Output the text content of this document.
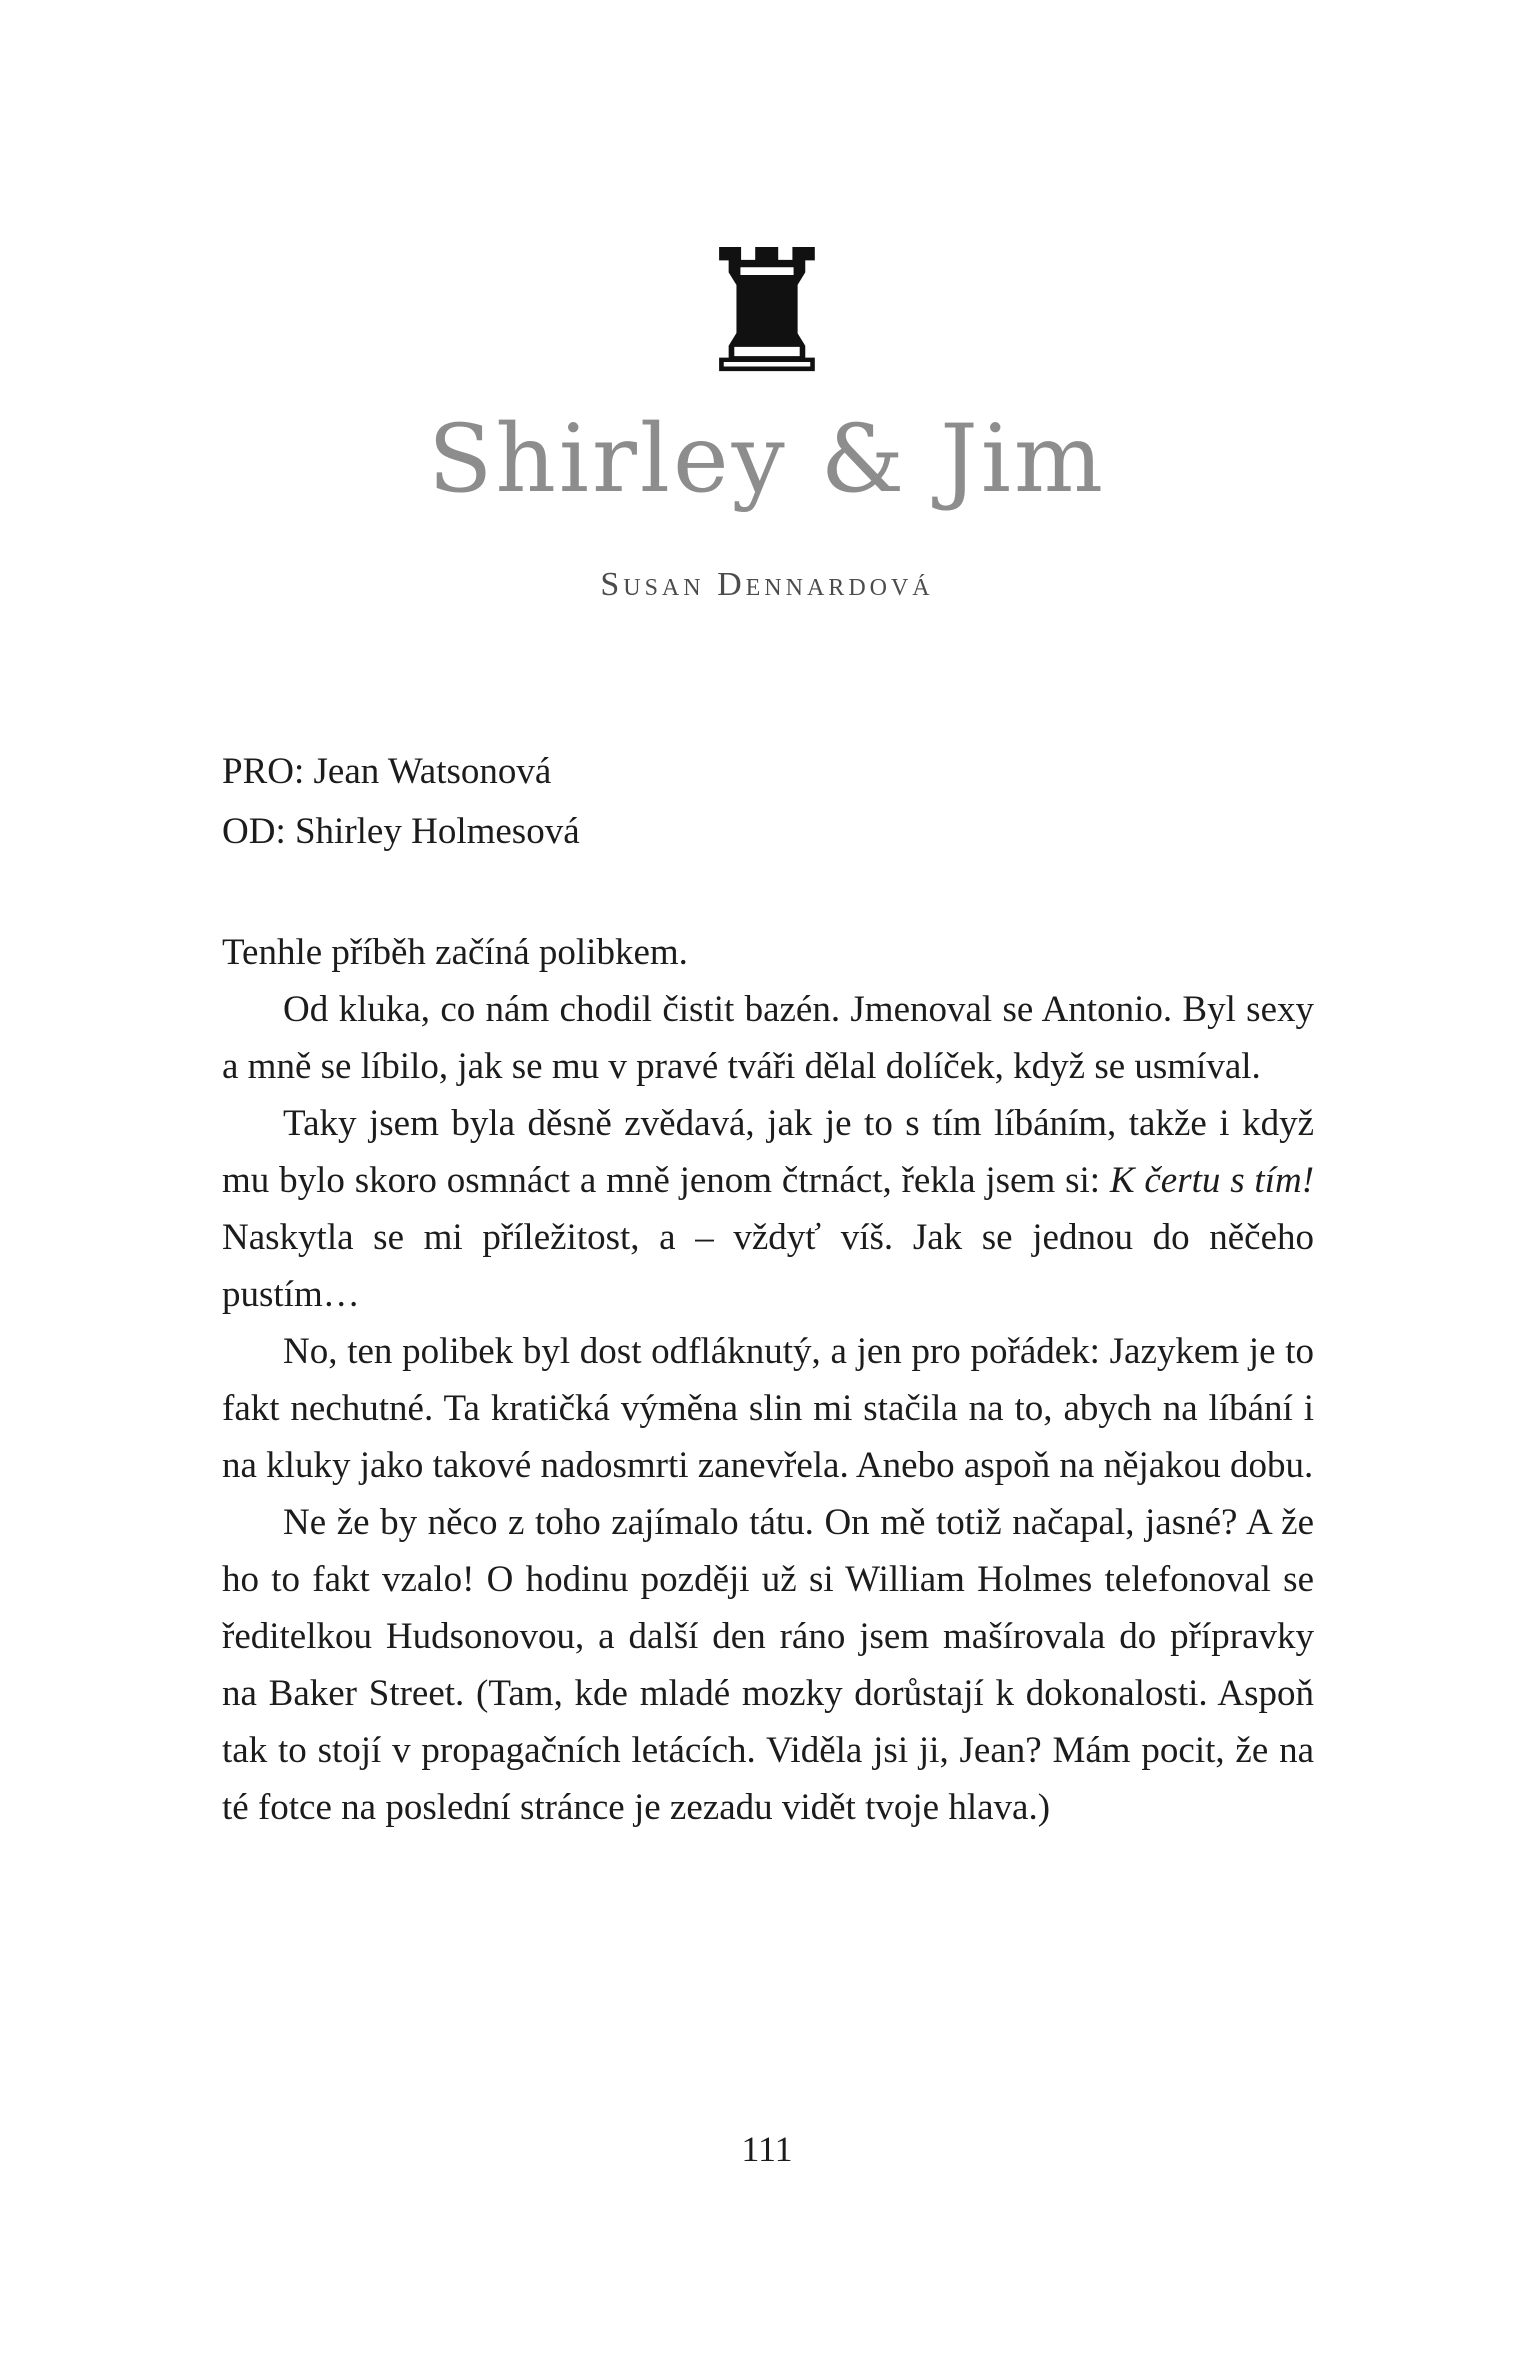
♜
Shirley & Jim
Susan Dennardová
PRO: Jean Watsonová
OD: Shirley Holmesová

Tenhle příběh začíná polibkem.

Od kluka, co nám chodil čistit bazén. Jmenoval se Antonio. Byl sexy a mně se líbilo, jak se mu v pravé tváři dělal dolíček, když se usmíval.

Taky jsem byla děsně zvědavá, jak je to s tím líbáním, takže i když mu bylo skoro osmnáct a mně jenom čtrnáct, řekla jsem si: K čertu s tím! Naskytla se mi příležitost, a – vždyť víš. Jak se jednou do něčeho pustím…

No, ten polibek byl dost odfláknutý, a jen pro pořádek: Jazykem je to fakt nechutné. Ta kratičká výměna slin mi stačila na to, abych na líbání i na kluky jako takové nadosmrti zanevřela. Anebo aspoň na nějakou dobu.

Ne že by něco z toho zajímalo tátu. On mě totiž načapal, jasné? A že ho to fakt vzalo! O hodinu později už si William Holmes telefonoval se ředitelkou Hudsonovou, a další den ráno jsem mašírovala do přípravky na Baker Street. (Tam, kde mladé mozky dorůstají k dokonalosti. Aspoň tak to stojí v propagačních letácích. Viděla jsi ji, Jean? Mám pocit, že na té fotce na poslední stránce je zezadu vidět tvoje hlava.)

111
